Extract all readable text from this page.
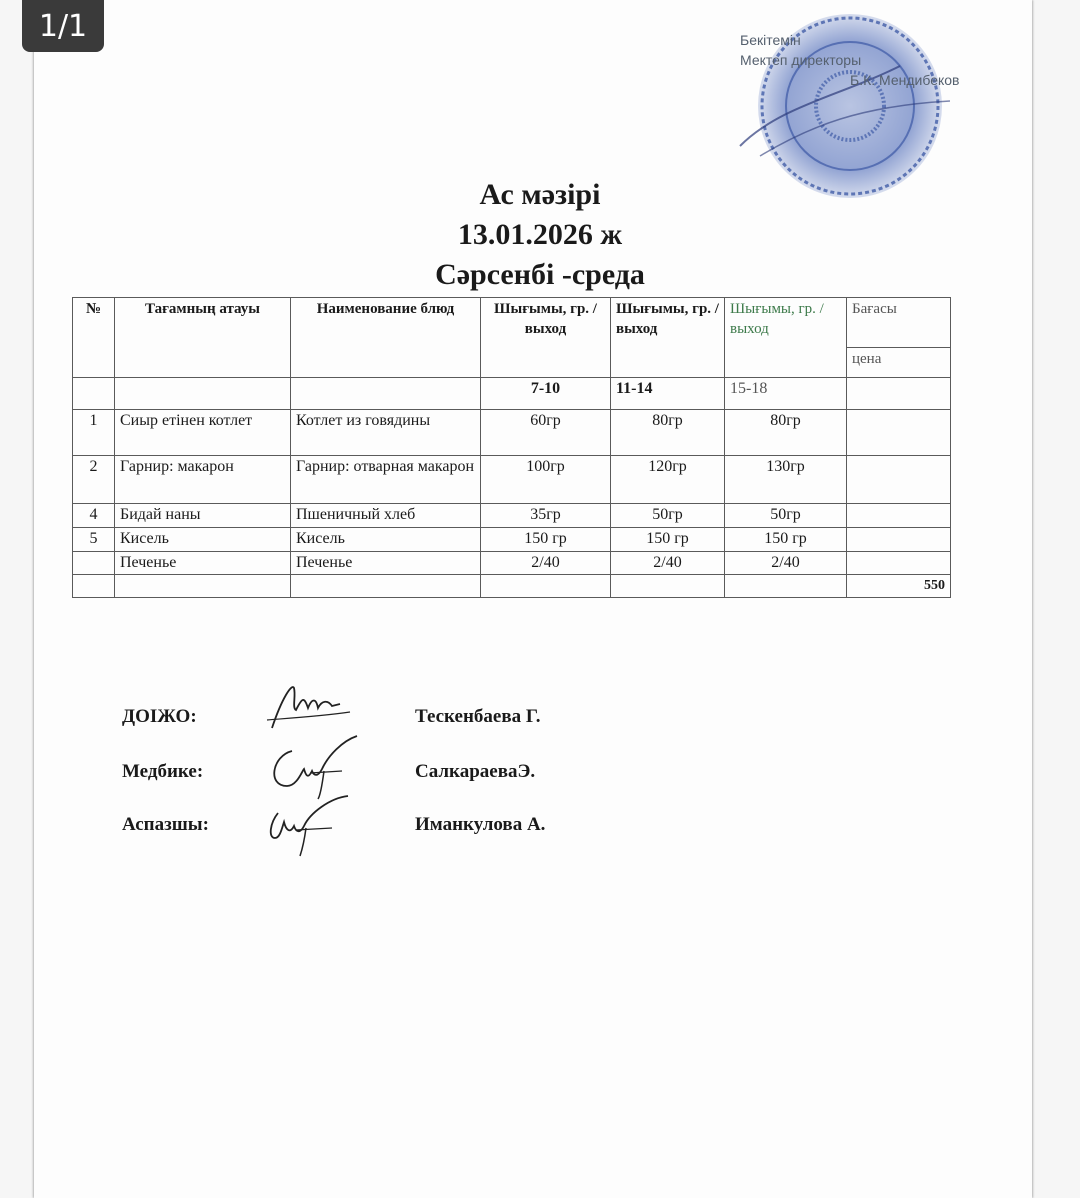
1/1	Бекітемін
Мектеп директоры
Б.К. Мендибеков
Ас мәзірі
13.01.2026 ж
Сәрсенбі -среда
№	Тағамның атауы	Наименование блюд	Шығымы, гр. / выход	Шығымы, гр. / выход	Шығымы, гр. / выход	Бағасы
						цена
			7-10	11-14	15-18	
1	Сиыр етінен котлет	Котлет из говядины	60гр	80гр	80гр	
2	Гарнир: макарон	Гарнир: отварная макарон	100гр	120гр	130гр	
4	Бидай наны	Пшеничный хлеб	35гр	50гр	50гр	
5	Кисель	Кисель	150 гр	150 гр	150 гр	
	Печенье	Печенье	2/40	2/40	2/40	
						550
ДОІЖО:	Тескенбаева Г.
Медбике:	СалкараеваЭ.
Аспазшы:	Иманкулова А.
